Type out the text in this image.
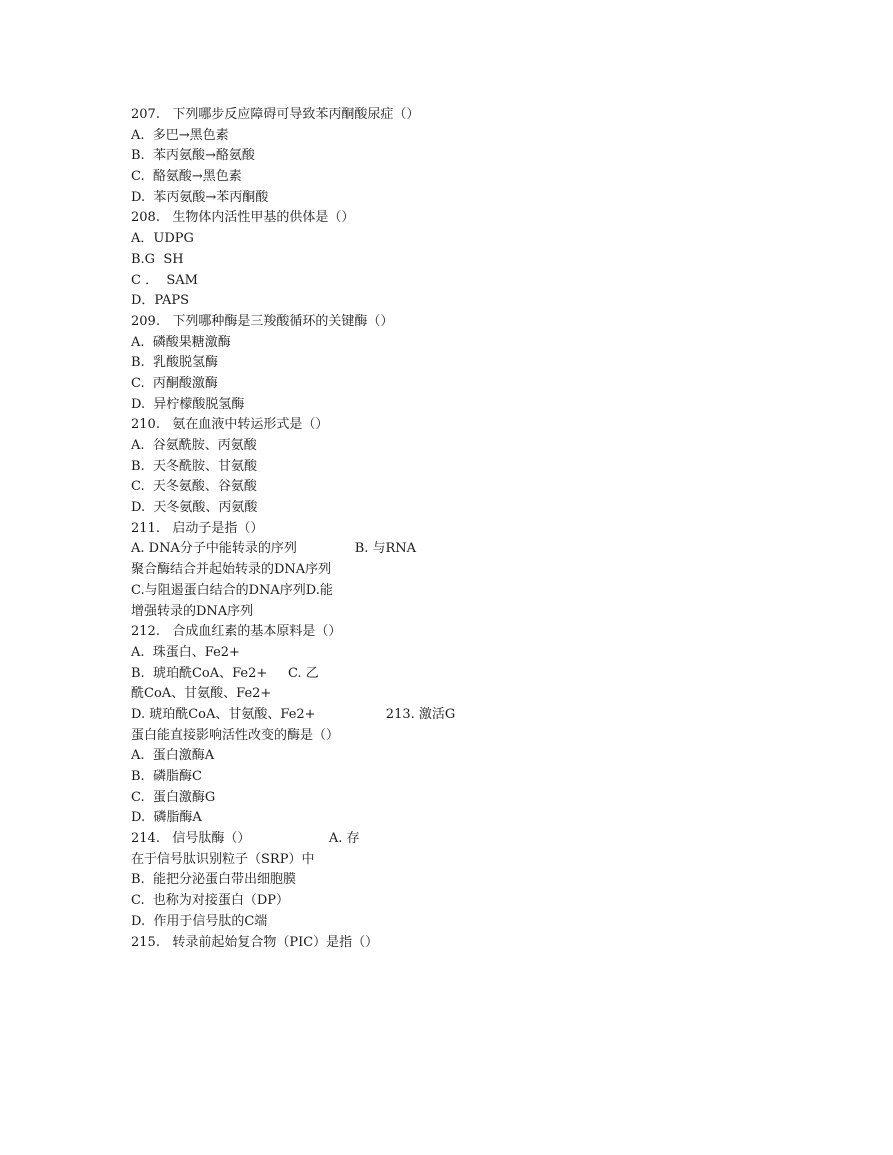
207.   下列哪步反应障碍可导致苯丙酮酸尿症（）
A.  多巴→黑色素
B.  苯丙氨酸→酪氨酸
C.  酪氨酸→黑色素
D.  苯丙氨酸→苯丙酮酸
208.   生物体内活性甲基的供体是（）
A．UDPG
B.G  SH
C ．  SAM
D．PAPS
209.   下列哪种酶是三羧酸循环的关键酶（）
A.  磷酸果糖激酶
B.  乳酸脱氢酶
C.  丙酮酸激酶
D.  异柠檬酸脱氢酶
210.   氨在血液中转运形式是（）
A.  谷氨酰胺、丙氨酸
B.  天冬酰胺、甘氨酸
C.  天冬氨酸、谷氨酸
D.  天冬氨酸、丙氨酸
211.   启动子是指（）
A. DNA分子中能转录的序列              B. 与RNA
聚合酶结合并起始转录的DNA序列
C.与阻遏蛋白结合的DNA序列D.能
增强转录的DNA序列
212.   合成血红素的基本原料是（）
A.  珠蛋白、Fe2+
B.  琥珀酰CoA、Fe2+     C. 乙
酰CoA、甘氨酸、Fe2+
D. 琥珀酰CoA、甘氨酸、Fe2+                 213. 激活G
蛋白能直接影响活性改变的酶是（）
A.  蛋白激酶A
B.  磷脂酶C
C.  蛋白激酶G
D.  磷脂酶A
214.   信号肽酶（）                   A. 存
在于信号肽识别粒子（SRP）中
B.  能把分泌蛋白带出细胞膜
C.  也称为对接蛋白（DP）
D.  作用于信号肽的C端
215.   转录前起始复合物（PIC）是指（）
